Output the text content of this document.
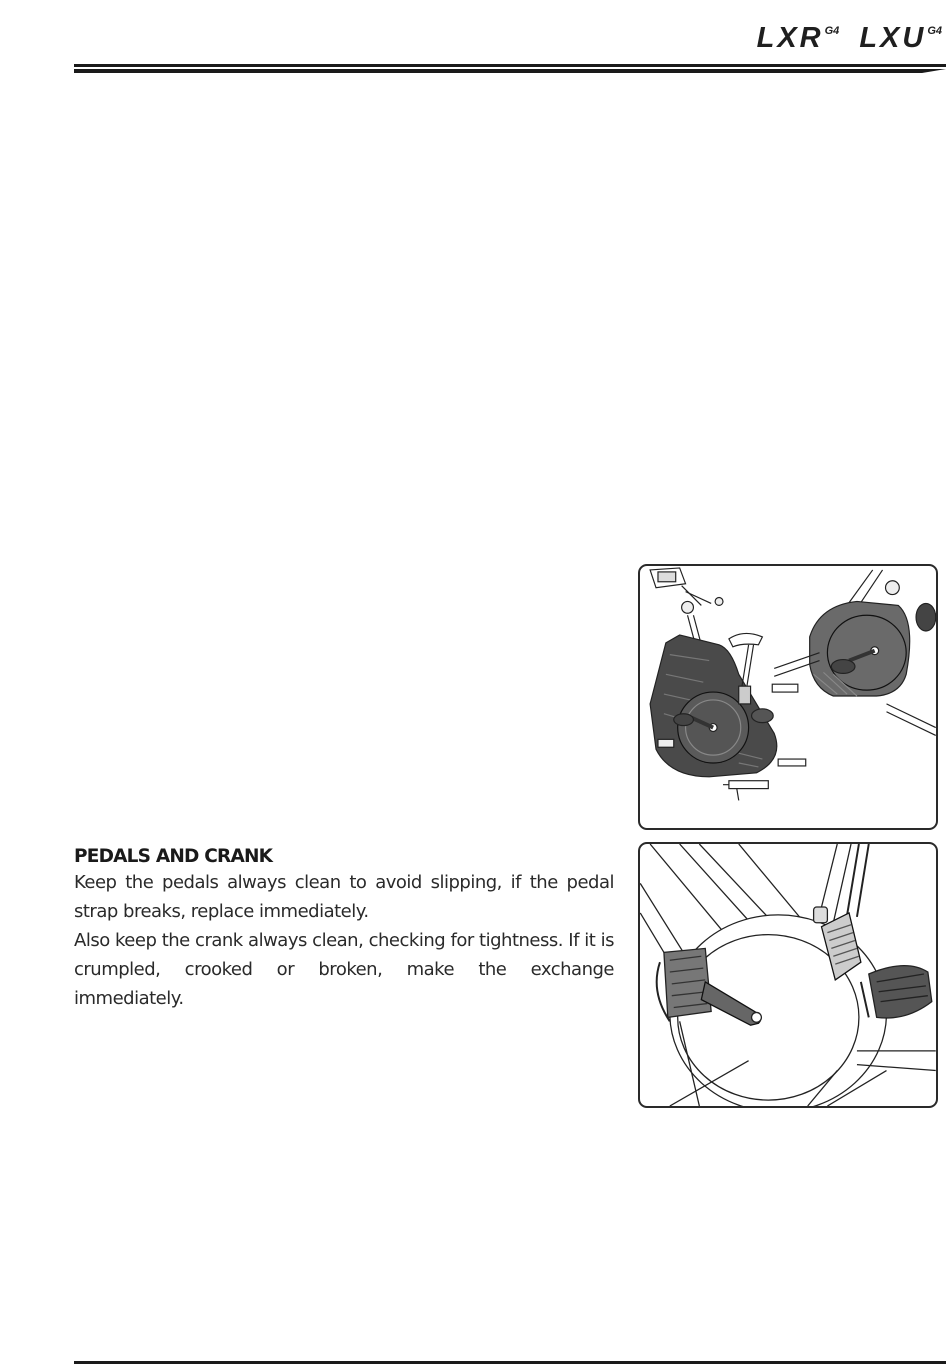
LXR G4 LXU G4
PEDALS AND CRANK

Keep the pedals always clean to avoid slipping, if the pedal strap breaks, replace immediately.

Also keep the crank always clean, checking for tightness. If it is crumpled, crooked or broken, make the exchange immediately.
